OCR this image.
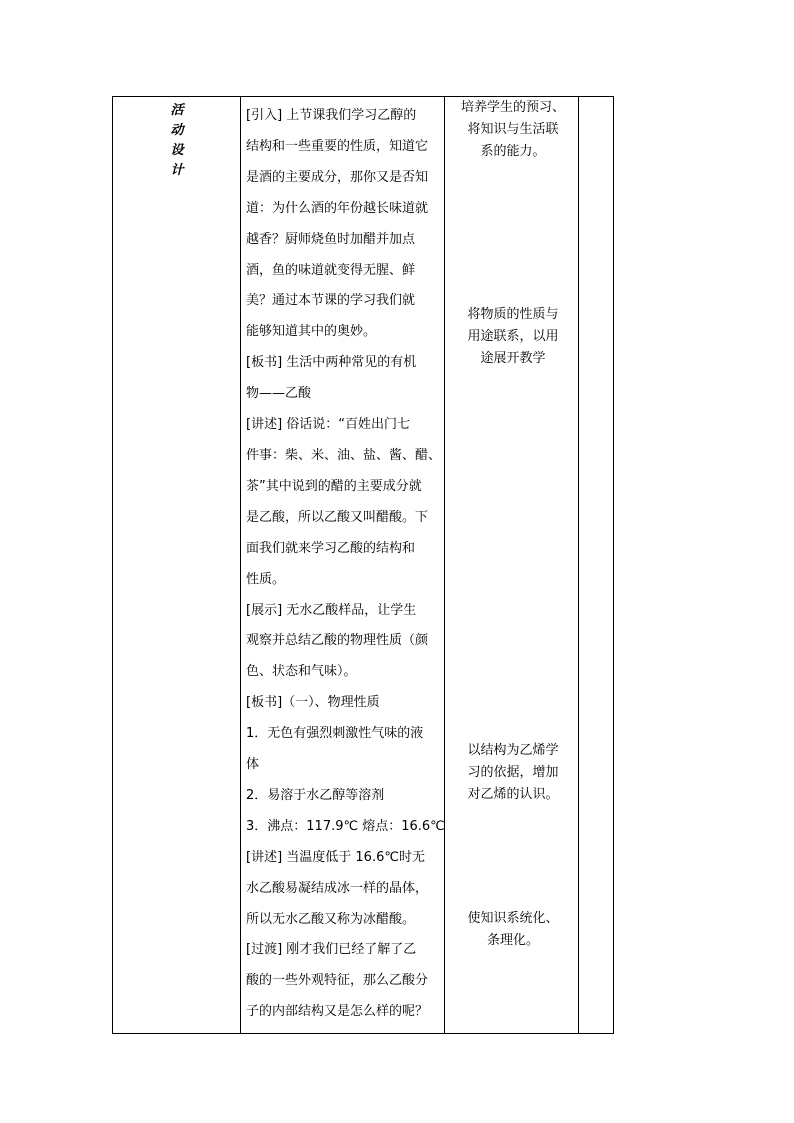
活
动
设
计
[引入] 上节课我们学习乙醇的
结构和一些重要的性质，知道它
是酒的主要成分，那你又是否知
道：为什么酒的年份越长味道就
越香？厨师烧鱼时加醋并加点
酒，鱼的味道就变得无腥、鲜
美？通过本节课的学习我们就
能够知道其中的奥妙。
[板书] 生活中两种常见的有机
物——乙酸
[讲述] 俗话说：“百姓出门七
件事：柴、米、油、盐、酱、醋、
茶”其中说到的醋的主要成分就
是乙酸，所以乙酸又叫醋酸。下
面我们就来学习乙酸的结构和
性质。
[展示] 无水乙酸样品，让学生
观察并总结乙酸的物理性质（颜
色、状态和气味）。
[板书]（一）、物理性质
1．无色有强烈刺激性气味的液
体
2．易溶于水乙醇等溶剂
3．沸点：117.9℃ 熔点：16.6℃
[讲述] 当温度低于 16.6℃时无
水乙酸易凝结成冰一样的晶体，
所以无水乙酸又称为冰醋酸。
[过渡] 刚才我们已经了解了乙
酸的一些外观特征，那么乙酸分
子的内部结构又是怎么样的呢？
培养学生的预习、
将知识与生活联
系的能力。
将物质的性质与
用途联系，以用
途展开教学
以结构为乙烯学
习的依据，增加
对乙烯的认识。
使知识系统化、
条理化。
